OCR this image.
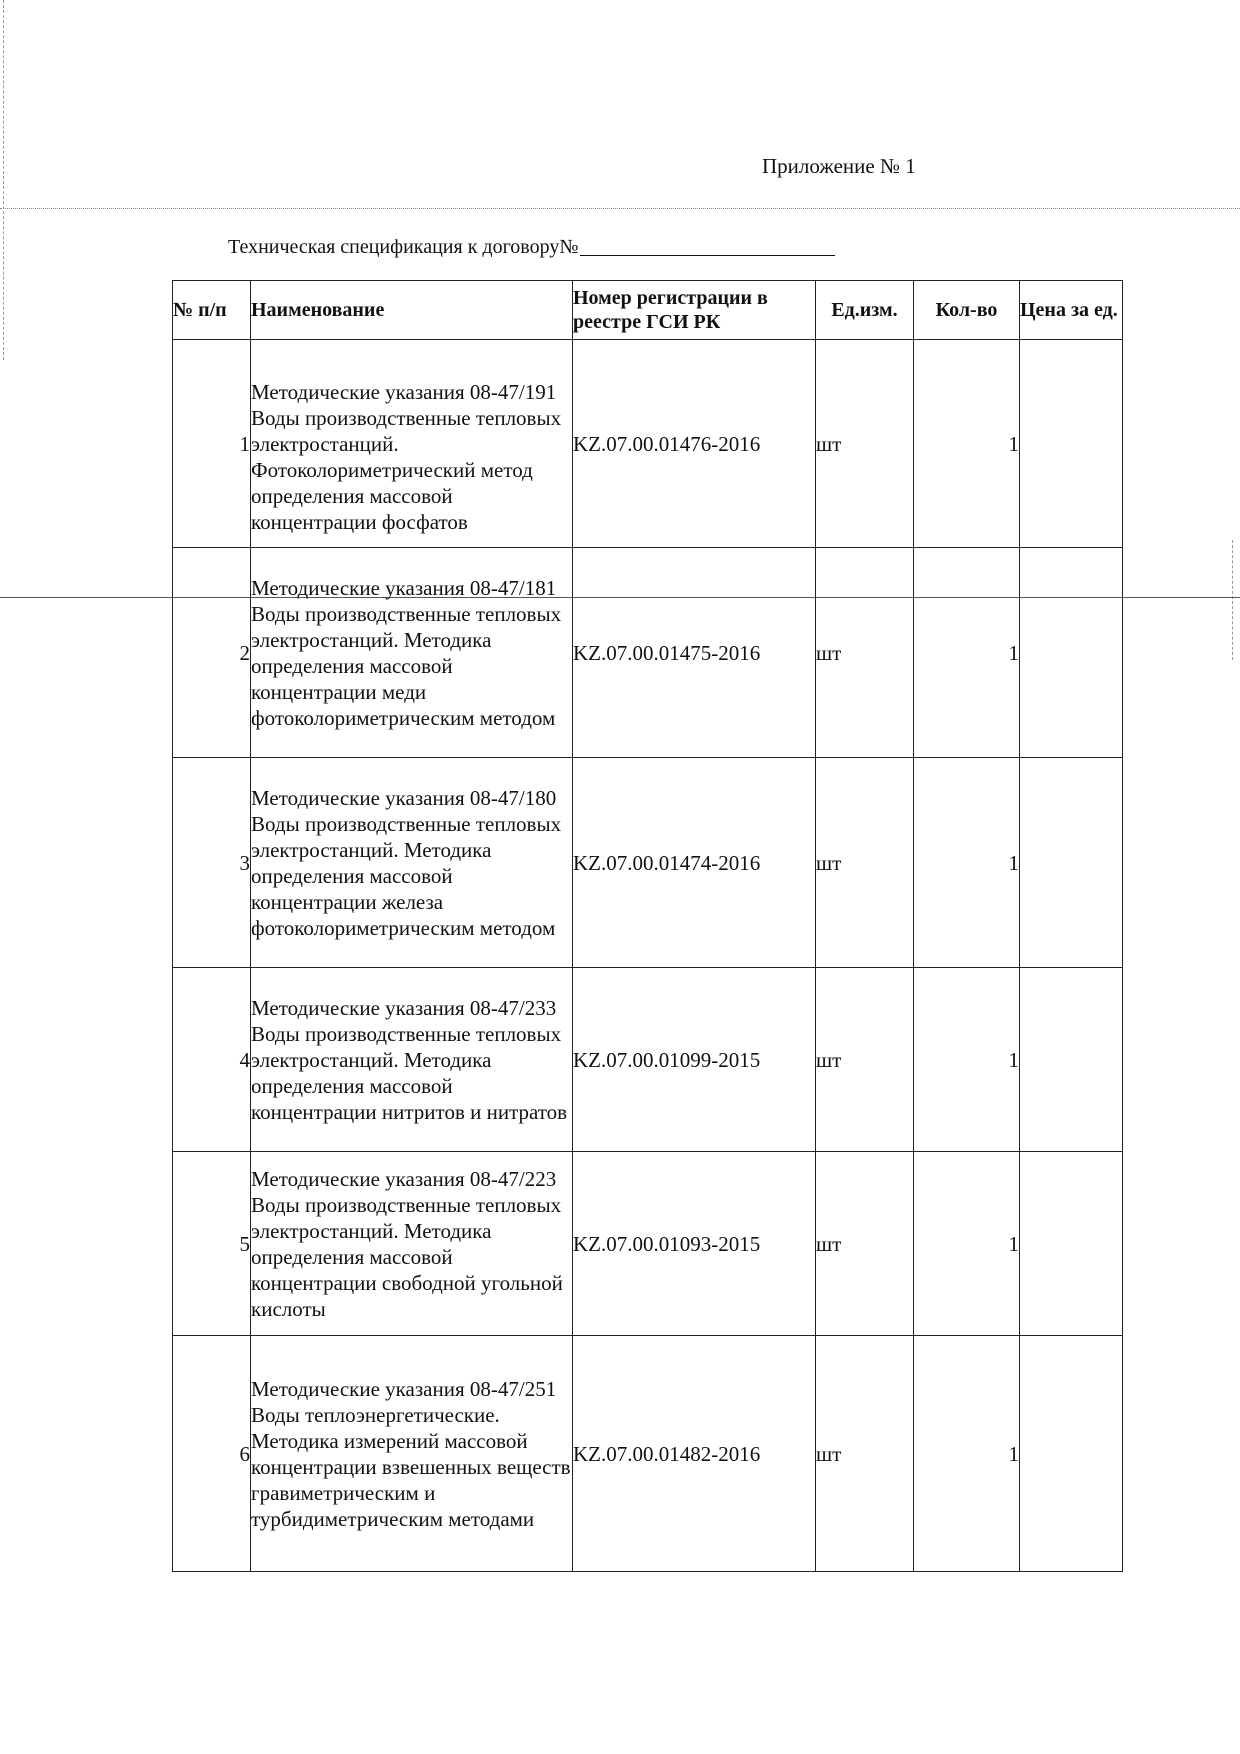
Приложение № 1
Техническая спецификация к договору№
№ п/п	Наименование	Номер регистрации в реестре ГСИ РК	Ед.изм.	Кол-во	Цена за ед.
1	Методические указания 08-47/191 Воды производственные тепловых электростанций. Фотоколориметрический метод определения массовой концентрации фосфатов	KZ.07.00.01476-2016	шт	1	
2	Методические указания 08-47/181 Воды производственные тепловых электростанций. Методика определения массовой концентрации меди фотоколориметрическим методом	KZ.07.00.01475-2016	шт	1	
3	Методические указания 08-47/180 Воды производственные тепловых электростанций. Методика определения массовой концентрации железа фотоколориметрическим методом	KZ.07.00.01474-2016	шт	1	
4	Методические указания 08-47/233 Воды производственные тепловых электростанций. Методика определения массовой концентрации нитритов и нитратов	KZ.07.00.01099-2015	шт	1	
5	Методические указания 08-47/223 Воды производственные тепловых электростанций. Методика определения массовой концентрации свободной угольной кислоты	KZ.07.00.01093-2015	шт	1	
6	Методические указания 08-47/251 Воды теплоэнергетические. Методика измерений массовой концентрации взвешенных веществ гравиметрическим и турбидиметрическим методами	KZ.07.00.01482-2016	шт	1	
